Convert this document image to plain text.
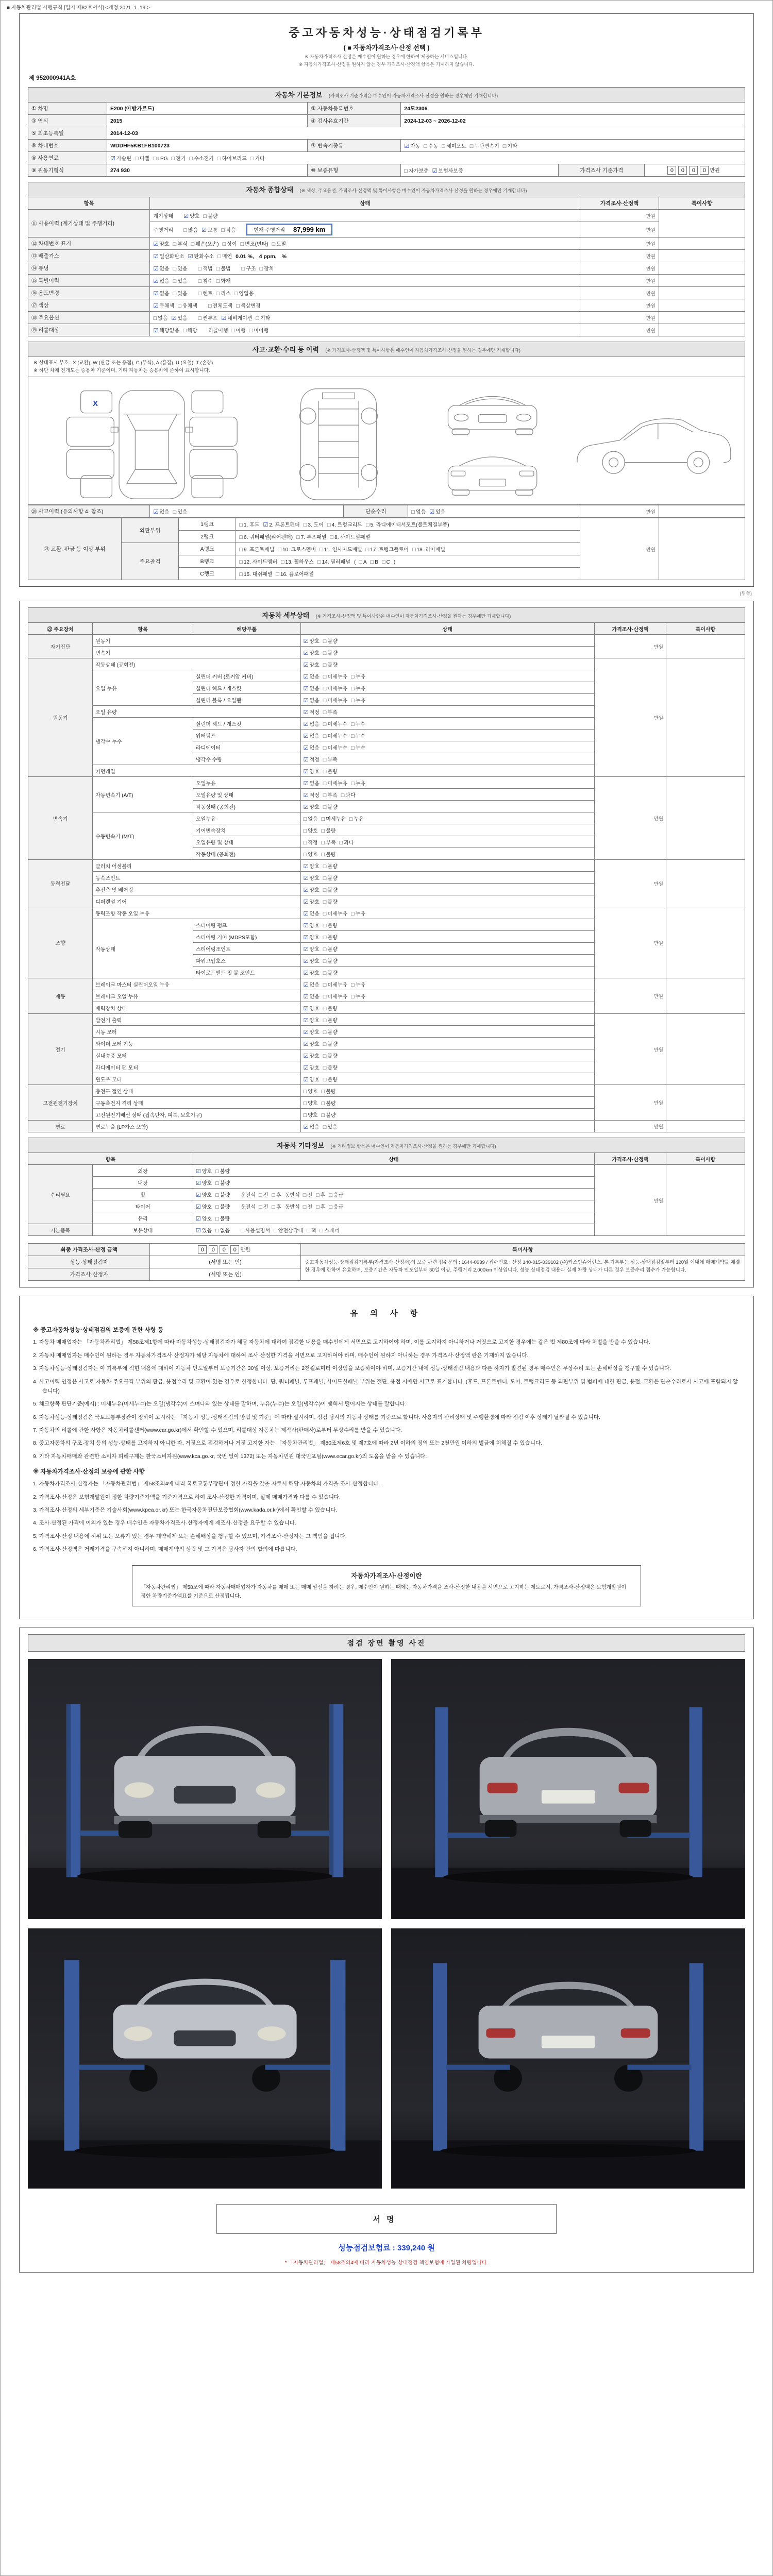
■ 자동차관리법 시행규칙 [별지 제82호서식] <개정 2021. 1. 19.>
중고자동차성능·상태점검기록부
( ■ 자동차가격조사·산정 선택 )
※ 자동차가격조사·산정은 매수인이 원하는 경우에 한하여 제공하는 서비스입니다.
※ 자동차가격조사·산정을 원하지 않는 경우 가격조사·산정액 항목은 기재하지 않습니다.
제 952000941A호
자동차 기본정보 (가격조사 기준가격은 매수인이 자동차가격조사·산정을 원하는 경우에만 기재합니다)
① 차명	E200 (아방가르드)	② 자동차등록번호	24모2306		
③ 연식	2015	④ 검사유효기간	2024-12-03 ~ 2026-12-02		
⑤ 최초등록일	2014-12-03				
⑥ 차대번호	WDDHF5KB1FB100723	⑦ 변속기종류	☑ 자동 □ 수동 □ 세미오토 □ 무단변속기 □ 기타		
⑧ 사용연료	☑ 가솔린 □ 디젤 □ LPG □ 전기 □ 수소전기 □ 하이브리드 □ 기타				
⑨ 원동기형식	274 930	⑩ 보증유형	□ 자가보증 ☑ 보험사보증	가격조사 기준가격	0 0 0 0 만원
자동차 종합상태 (※ 색상, 주요옵션, 가격조사·산정액 및 특이사항은 매수인이 자동차가격조사·산정을 원하는 경우에만 기재합니다)
항목	상태	가격조사·산정액	특이사항
⑪ 사용이력 (계기상태 및 주행거리)	계기상태 ☑ 양호 □ 불량	만원	
	주행거리 □ 많음 ☑ 보통 □ 적음 현재 주행거리 87,999 km	만원	
⑫ 차대번호 표기	☑ 양호 □ 부식 □ 훼손(오손) □ 상이 □ 변조(변타) □ 도말	만원	
⑬ 배출가스	☑ 일산화탄소 ☑ 탄화수소 □ 매연 0.01 %, 4 ppm, %	만원	
⑭ 튜닝	☑ 없음 □ 있음 □ 적법 □ 불법 □ 구조 □ 장치	만원	
⑮ 특별이력	☑ 없음 □ 있음 □ 침수 □ 화재	만원	
⑯ 용도변경	☑ 없음 □ 있음 □ 렌트 □ 리스 □ 영업용	만원	
⑰ 색상	☑ 무채색 □ 유채색 □ 전체도색 □ 색상변경	만원	
⑱ 주요옵션	□ 없음 ☑ 있음 □ 썬루프 ☑ 네비게이션 □ 기타	만원	
⑲ 리콜대상	☑ 해당없음 □ 해당 리콜이행 □ 이행 □ 미이행	만원	
사고·교환·수리 등 이력 (※ 가격조사·산정액 및 특이사항은 매수인이 자동차가격조사·산정을 원하는 경우에만 기재합니다)
※ 상태표시 부호 : X (교환), W (판금 또는 용접), C (부식), A (흠집), U (요철), T (손상)
※ 하단 차체 전개도는 승용차 기준이며, 기타 자동차는 승용차에 준하여 표시합니다.
X
⑳ 사고이력 (유의사항 4. 참조)	☑ 없음 □ 있음	단순수리	□ 없음 ☑ 있음	만원	
㉑ 교환, 판금 등 이상 부위	외판부위	1랭크	□ 1. 후드 ☑ 2. 프론트펜더 □ 3. 도어 □ 4. 트렁크리드 □ 5. 라디에이터서포트(볼트체결부품)	만원	
		2랭크	□ 6. 쿼터패널(리어펜더) □ 7. 루프패널 □ 8. 사이드실패널		
	주요골격	A랭크	□ 9. 프론트패널 □ 10. 크로스멤버 □ 11. 인사이드패널 □ 17. 트렁크플로어 □ 18. 리어패널		
		B랭크	□ 12. 사이드멤버 □ 13. 휠하우스 □ 14. 필러패널 ( □ A □ B □ C )		
		C랭크	□ 15. 대쉬패널 □ 16. 플로어패널		
(뒤쪽)
자동차 세부상태 (※ 가격조사·산정액 및 특이사항은 매수인이 자동차가격조사·산정을 원하는 경우에만 기재합니다)
㉒ 주요장치	항목	해당부품	상태	가격조사·산정액	특이사항
자기진단	원동기		☑ 양호 □ 불량	만원	
	변속기		☑ 양호 □ 불량		
원동기	작동상태 (공회전)		☑ 양호 □ 불량	만원	
	오일 누유	실린더 커버 (로커암 커버)	☑ 없음 □ 미세누유 □ 누유		
		실린더 헤드 / 개스킷	☑ 없음 □ 미세누유 □ 누유		
		실린더 블록 / 오일팬	☑ 없음 □ 미세누유 □ 누유		
	오일 유량		☑ 적정 □ 부족		
	냉각수 누수	실린더 헤드 / 개스킷	☑ 없음 □ 미세누수 □ 누수		
		워터펌프	☑ 없음 □ 미세누수 □ 누수		
		라디에이터	☑ 없음 □ 미세누수 □ 누수		
		냉각수 수량	☑ 적정 □ 부족		
	커먼레일		☑ 양호 □ 불량		
변속기	자동변속기 (A/T)	오일누유	☑ 없음 □ 미세누유 □ 누유	만원	
		오일유량 및 상태	☑ 적정 □ 부족 □ 과다		
		작동상태 (공회전)	☑ 양호 □ 불량		
	수동변속기 (M/T)	오일누유	□ 없음 □ 미세누유 □ 누유		
		기어변속장치	□ 양호 □ 불량		
		오일유량 및 상태	□ 적정 □ 부족 □ 과다		
		작동상태 (공회전)	□ 양호 □ 불량		
동력전달	클러치 어셈블리		☑ 양호 □ 불량	만원	
	등속조인트		☑ 양호 □ 불량		
	추진축 및 베어링		☑ 양호 □ 불량		
	디퍼렌셜 기어		☑ 양호 □ 불량		
조향	동력조향 작동 오일 누유		☑ 없음 □ 미세누유 □ 누유	만원	
	작동상태	스티어링 펌프	☑ 양호 □ 불량		
		스티어링 기어 (MDPS포함)	☑ 양호 □ 불량		
		스티어링조인트	☑ 양호 □ 불량		
		파워고압호스	☑ 양호 □ 불량		
		타이로드엔드 및 볼 조인트	☑ 양호 □ 불량		
제동	브레이크 마스터 실린더오일 누유		☑ 없음 □ 미세누유 □ 누유	만원	
	브레이크 오일 누유		☑ 없음 □ 미세누유 □ 누유		
	배력장치 상태		☑ 양호 □ 불량		
전기	발전기 출력		☑ 양호 □ 불량	만원	
	시동 모터		☑ 양호 □ 불량		
	와이퍼 모터 기능		☑ 양호 □ 불량		
	실내송풍 모터		☑ 양호 □ 불량		
	라디에이터 팬 모터		☑ 양호 □ 불량		
	윈도우 모터		☑ 양호 □ 불량		
고전원전기장치	충전구 절연 상태		□ 양호 □ 불량	만원	
	구동축전지 격리 상태		□ 양호 □ 불량		
	고전원전기배선 상태 (접속단자, 피복, 보호기구)		□ 양호 □ 불량		
연료	연료누출 (LP가스 포함)		☑ 없음 □ 있음	만원	
자동차 기타정보 (※ 기타정보 항목은 매수인이 자동차가격조사·산정을 원하는 경우에만 기재합니다)
항목		상태	가격조사·산정액	특이사항
수리필요	외장	☑ 양호 □ 불량	만원	
	내장	☑ 양호 □ 불량		
	휠	☑ 양호 □ 불량 운전석 □ 전 □ 후 동반석 □ 전 □ 후 □ 응급		
	타이어	☑ 양호 □ 불량 운전석 □ 전 □ 후 동반석 □ 전 □ 후 □ 응급		
	유리	☑ 양호 □ 불량		
기본품목	보유상태	☑ 있음 □ 없음 □ 사용설명서 □ 안전삼각대 □ 잭 □ 스패너		
최종 가격조사·산정 금액	0 0 0 0 만원	특이사항
성능·상태점검자	(서명 또는 인)	중고자동차성능·상태점검기록부(가격조사·산정서)의 보증 관련 접수문의 : 1644-0939 / 접수번호 : 산정 140-015-039102 (주)카스인슈어런스. 본 기록부는 성능·상태점검일부터 120일 이내에 매매계약을 체결한 경우에 한하여 유효하며, 보증기간은 자동차 인도일부터 30일 이상, 주행거리 2,000km 이상입니다. 성능·상태점검 내용과 실제 차량 상태가 다른 경우 보증수리 접수가 가능합니다.
가격조사·산정자	(서명 또는 인)	
유 의 사 항
※ 중고자동차성능·상태점검의 보증에 관한 사항 등
1. 자동차 매매업자는 「자동차관리법」 제58조제1항에 따라 자동차성능·상태점검자가 해당 자동차에 대하여 점검한 내용을 매수인에게 서면으로 고지하여야 하며, 이를 고지하지 아니하거나 거짓으로 고지한 경우에는 같은 법 제80조에 따라 처벌을 받을 수 있습니다.
2. 자동차 매매업자는 매수인이 원하는 경우 자동차가격조사·산정자가 해당 자동차에 대하여 조사·산정한 가격을 서면으로 고지하여야 하며, 매수인이 원하지 아니하는 경우 가격조사·산정액 란은 기재하지 않습니다.
3. 자동차성능·상태점검자는 이 기록부에 적힌 내용에 대하여 자동차 인도일부터 보증기간은 30일 이상, 보증거리는 2천킬로미터 이상임을 보증하여야 하며, 보증기간 내에 성능·상태점검 내용과 다른 하자가 발견된 경우 매수인은 무상수리 또는 손해배상을 청구할 수 있습니다.
4. 사고이력 인정은 사고로 자동차 주요골격 부위의 판금, 용접수리 및 교환이 있는 경우로 한정합니다. 단, 쿼터패널, 루프패널, 사이드실패널 부위는 절단, 용접 시에만 사고로 표기합니다. (후드, 프론트펜더, 도어, 트렁크리드 등 외판부위 및 범퍼에 대한 판금, 용접, 교환은 단순수리로서 사고에 포함되지 않습니다)
5. 체크항목 판단기준(예시) : 미세누유(미세누수)는 오일(냉각수)이 스며나와 있는 상태를 말하며, 누유(누수)는 오일(냉각수)이 맺혀서 떨어지는 상태를 말합니다.
6. 자동차성능·상태점검은 국토교통부장관이 정하여 고시하는 「자동차 성능·상태점검의 방법 및 기준」에 따라 실시하며, 점검 당시의 자동차 상태를 기준으로 합니다. 사용자의 관리상태 및 주행환경에 따라 점검 이후 상태가 달라질 수 있습니다.
7. 자동차의 리콜에 관한 사항은 자동차리콜센터(www.car.go.kr)에서 확인할 수 있으며, 리콜대상 자동차는 제작사(판매사)로부터 무상수리를 받을 수 있습니다.
8. 중고자동차의 구조·장치 등의 성능·상태를 고지하지 아니한 자, 거짓으로 점검하거나 거짓 고지한 자는 「자동차관리법」 제80조제6호 및 제7호에 따라 2년 이하의 징역 또는 2천만원 이하의 벌금에 처해질 수 있습니다.
9. 기타 자동차매매와 관련한 소비자 피해구제는 한국소비자원(www.kca.go.kr, 국번 없이 1372) 또는 자동차민원 대국민포털(www.ecar.go.kr)의 도움을 받을 수 있습니다.
※ 자동차가격조사·산정의 보증에 관한 사항
1. 자동차가격조사·산정자는 「자동차관리법」 제58조의4에 따라 국토교통부장관이 정한 자격을 갖춘 자로서 해당 자동차의 가격을 조사·산정합니다.
2. 가격조사·산정은 보험개발원이 정한 차량기준가액을 기준가격으로 하여 조사·산정한 가격이며, 실제 매매가격과 다를 수 있습니다.
3. 가격조사·산정의 세부기준은 기술사회(www.kpea.or.kr) 또는 한국자동차진단보증협회(www.kada.or.kr)에서 확인할 수 있습니다.
4. 조사·산정된 가격에 이의가 있는 경우 매수인은 자동차가격조사·산정자에게 재조사·산정을 요구할 수 있습니다.
5. 가격조사·산정 내용에 허위 또는 오류가 있는 경우 계약해제 또는 손해배상을 청구할 수 있으며, 가격조사·산정자는 그 책임을 집니다.
6. 가격조사·산정액은 거래가격을 구속하지 아니하며, 매매계약의 성립 및 그 가격은 당사자 간의 합의에 따릅니다.
자동차가격조사·산정이란
「자동차관리법」 제58조에 따라 자동차매매업자가 자동차를 매매 또는 매매 알선을 하려는 경우, 매수인이 원하는 때에는 자동차가격을 조사·산정한 내용을 서면으로 고지하는 제도로서, 가격조사·산정액은 보험개발원이 정한 차량기준가액표를 기준으로 산정됩니다.
점검 장면 촬영 사진
서명
성능점검보험료 : 339,240 원
* 「자동차관리법」 제58조의4에 따라 자동차성능·상태점검 책임보험에 가입된 차량입니다.
